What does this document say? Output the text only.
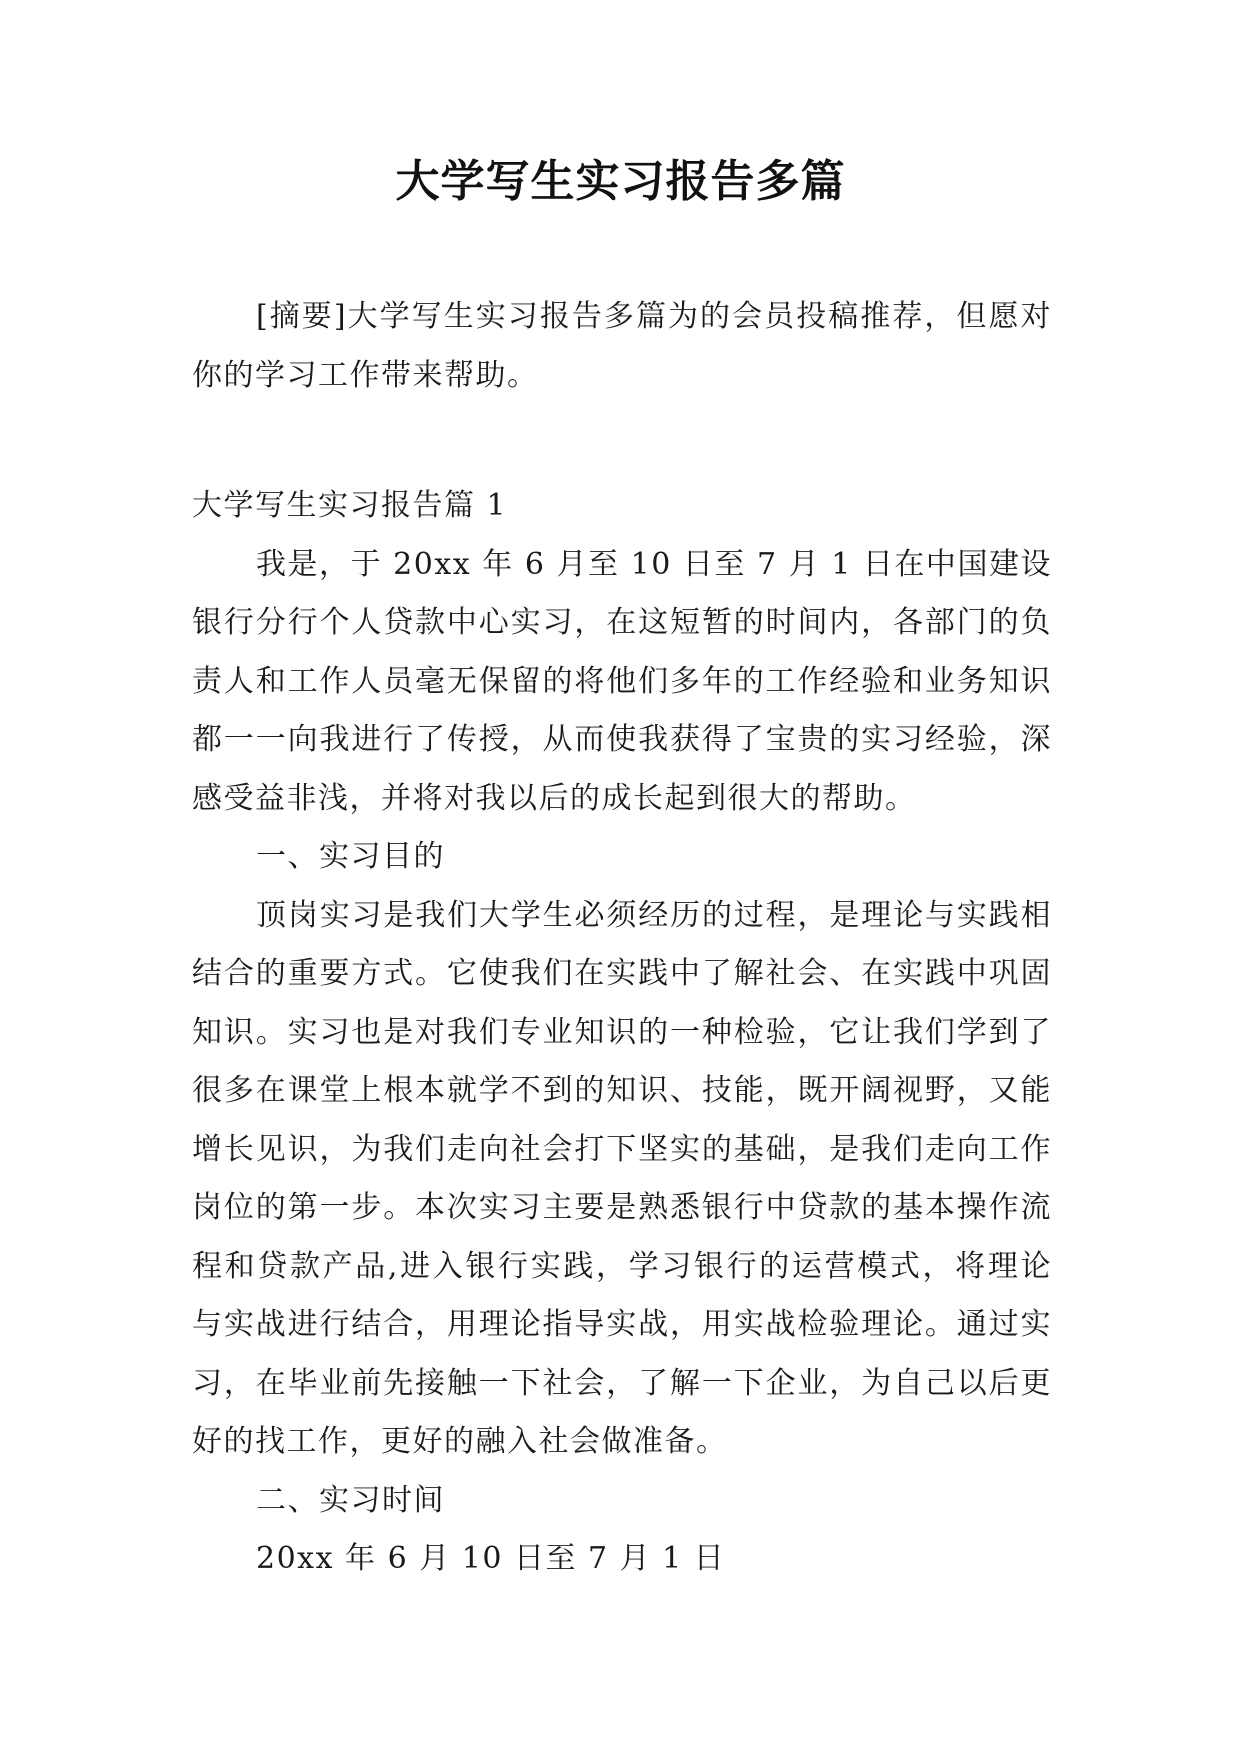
大学写生实习报告多篇

[摘要]大学写生实习报告多篇为的会员投稿推荐，但愿对你的学习工作带来帮助。

大学写生实习报告篇 1

我是，于 20xx 年 6 月至 10 日至 7 月 1 日在中国建设银行分行个人贷款中心实习，在这短暂的时间内，各部门的负责人和工作人员毫无保留的将他们多年的工作经验和业务知识都一一向我进行了传授，从而使我获得了宝贵的实习经验，深感受益非浅，并将对我以后的成长起到很大的帮助。

一、实习目的

顶岗实习是我们大学生必须经历的过程，是理论与实践相结合的重要方式。它使我们在实践中了解社会、在实践中巩固知识。实习也是对我们专业知识的一种检验，它让我们学到了很多在课堂上根本就学不到的知识、技能，既开阔视野，又能增长见识，为我们走向社会打下坚实的基础，是我们走向工作岗位的第一步。本次实习主要是熟悉银行中贷款的基本操作流程和贷款产品,进入银行实践，学习银行的运营模式，将理论与实战进行结合，用理论指导实战，用实战检验理论。通过实习，在毕业前先接触一下社会，了解一下企业，为自己以后更好的找工作，更好的融入社会做准备。

二、实习时间

20xx 年 6 月 10 日至 7 月 1 日
